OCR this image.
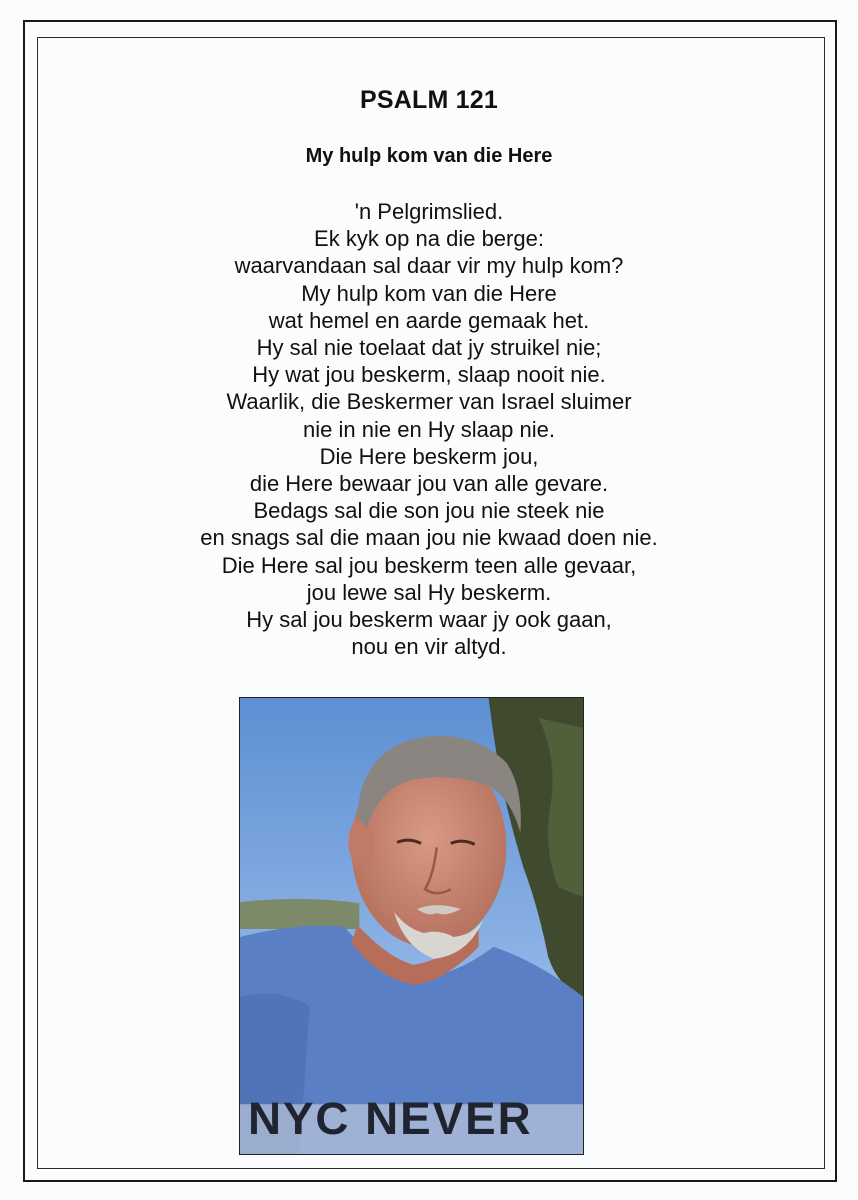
PSALM 121
My hulp kom van die Here
'n Pelgrimslied.
Ek kyk op na die berge:
waarvandaan sal daar vir my hulp kom?
My hulp kom van die Here
wat hemel en aarde gemaak het.
Hy sal nie toelaat dat jy struikel nie;
Hy wat jou beskerm, slaap nooit nie.
Waarlik, die Beskermer van Israel sluimer
nie in nie en Hy slaap nie.
Die Here beskerm jou,
die Here bewaar jou van alle gevare.
Bedags sal die son jou nie steek nie
en snags sal die maan jou nie kwaad doen nie.
Die Here sal jou beskerm teen alle gevaar,
jou lewe sal Hy beskerm.
Hy sal jou beskerm waar jy ook gaan,
nou en vir altyd.
NYC NEVER
